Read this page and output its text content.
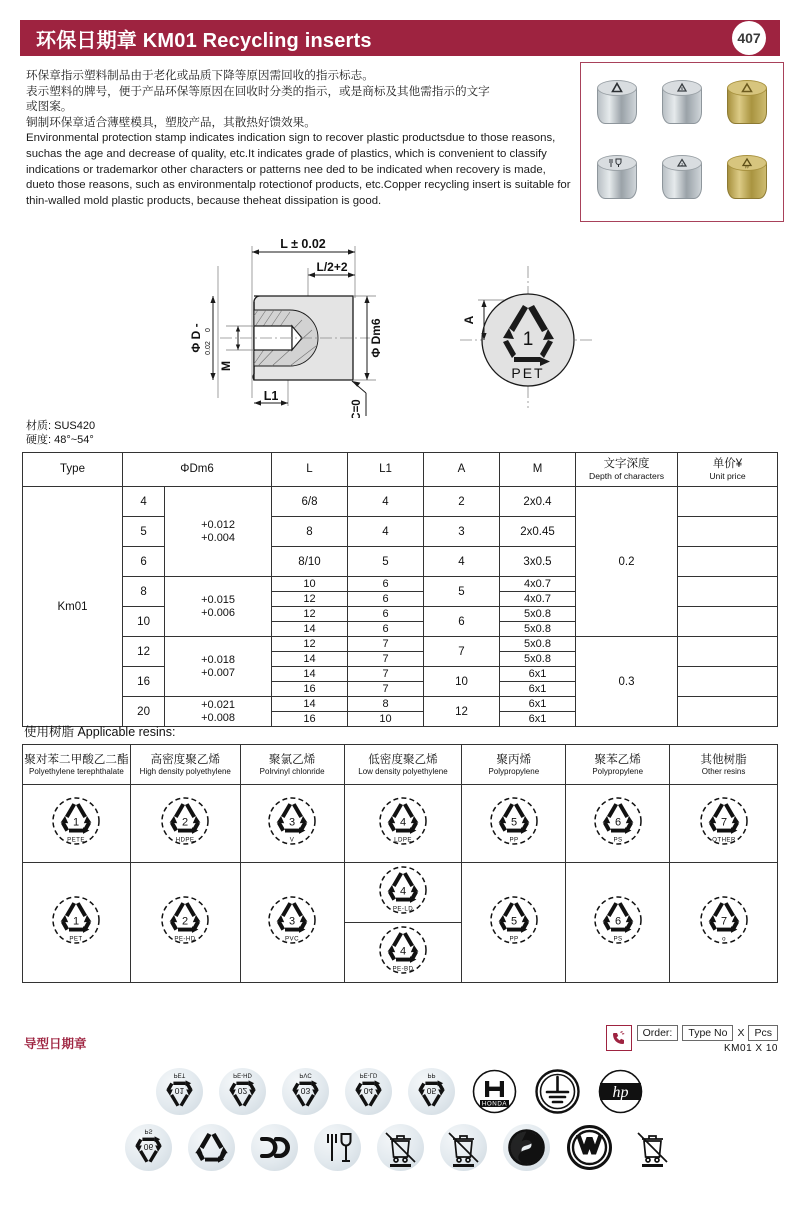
环保日期章 KM01 Recycling inserts	407

环保章指示塑料制品由于老化或品质下降等原因需回收的指示标志。

表示塑料的牌号，便于产品环保等原因在回收时分类的指示，或是商标及其他需指示的文字

或图案。

铜制环保章适合薄壁模具，塑胶产品，其散热好馈效果。

Environmental protection stamp indicates indication sign to recover plastic productsdue to those reasons, suchas the age and decrease of quality, etc.It indicates grade of plastics, which is convenient to classify indications or trademarkor other characters or patterns nee ded to be indicated when recovery is made, dueto those reasons, such as environmentalp rotectionof products, etc.Copper recycling insert is suitable for thin-walled mold plastic products, because theheat dissipation is good.

6
3
PP
L ± 0.02
L/2+2
Φ D - 0
0.02
M
Φ Dm6
L1
C=0
1
PET
A
材质: SUS420
硬度: 48°~54°
Type	ΦDm6		L	L1	A	M	文字深度
Depth of characters	单价¥
Unit price

Km01	4	+0.012
+0.004	6/8	4	2	2x0.4	0.2	
	5		8	4	3	2x0.45		
	6		8/10	5	4	3x0.5		
	8	+0.015
+0.006	10	6	5	4x0.7		
			12	6		4x0.7		
	10		12	6	6	5x0.8		
			14	6		5x0.8		
	12	+0.018
+0.007	12	7	7	5x0.8	0.3	
			14	7		5x0.8		
	16		14	7	10	6x1		
			16	7		6x1		
	20	+0.021
+0.008	14	8	12	6x1		
			16	10		6x1		
使用树脂 Applicable resins:
聚对苯二甲酸乙二酯
Polyethylene terephthalate	高密度聚乙烯
High density polyethylene	聚氯乙烯
Polrvinyl chlonride	低密度聚乙烯
Low density polyethylene	聚丙烯
Polypropylene	聚苯乙烯
Polypropylene	其他树脂
Other resins

1
PETE	2
HDPE	3
V	4
LDPE	5
PP	6
PS	7
OTHER

1
PET	2
PE-HD	3
PVC	4
PE-LD	5
PP	6
PS	7
o

4
PE-BD			
导型日期章
Order:	Type No X Pcs
KM01 X 10
01
PET
02
PE-HD
03
PVC
04
PE-LD
05
PP
HONDA
hp
06
PS
